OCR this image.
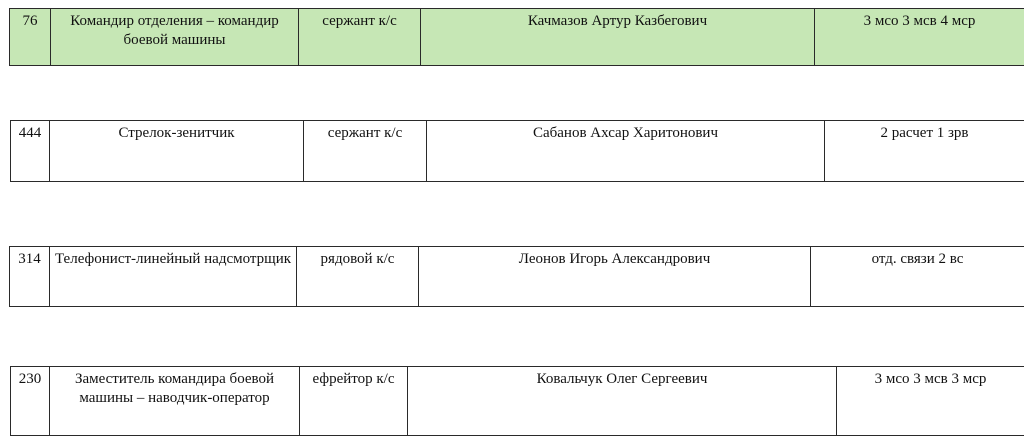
76	Командир отделения – командир боевой машины	сержант к/с	Качмазов Артур Казбегович	3 мсо 3 мсв 4 мср
444	Стрелок-зенитчик	сержант к/с	Сабанов Ахсар Харитонович	2 расчет 1 зрв
314	Телефонист-линейный надсмотрщик	рядовой к/с	Леонов Игорь Александрович	отд. связи 2 вс
230	Заместитель командира боевой машины – наводчик-оператор	ефрейтор к/с	Ковальчук Олег Сергеевич	3 мсо 3 мсв 3 мср
